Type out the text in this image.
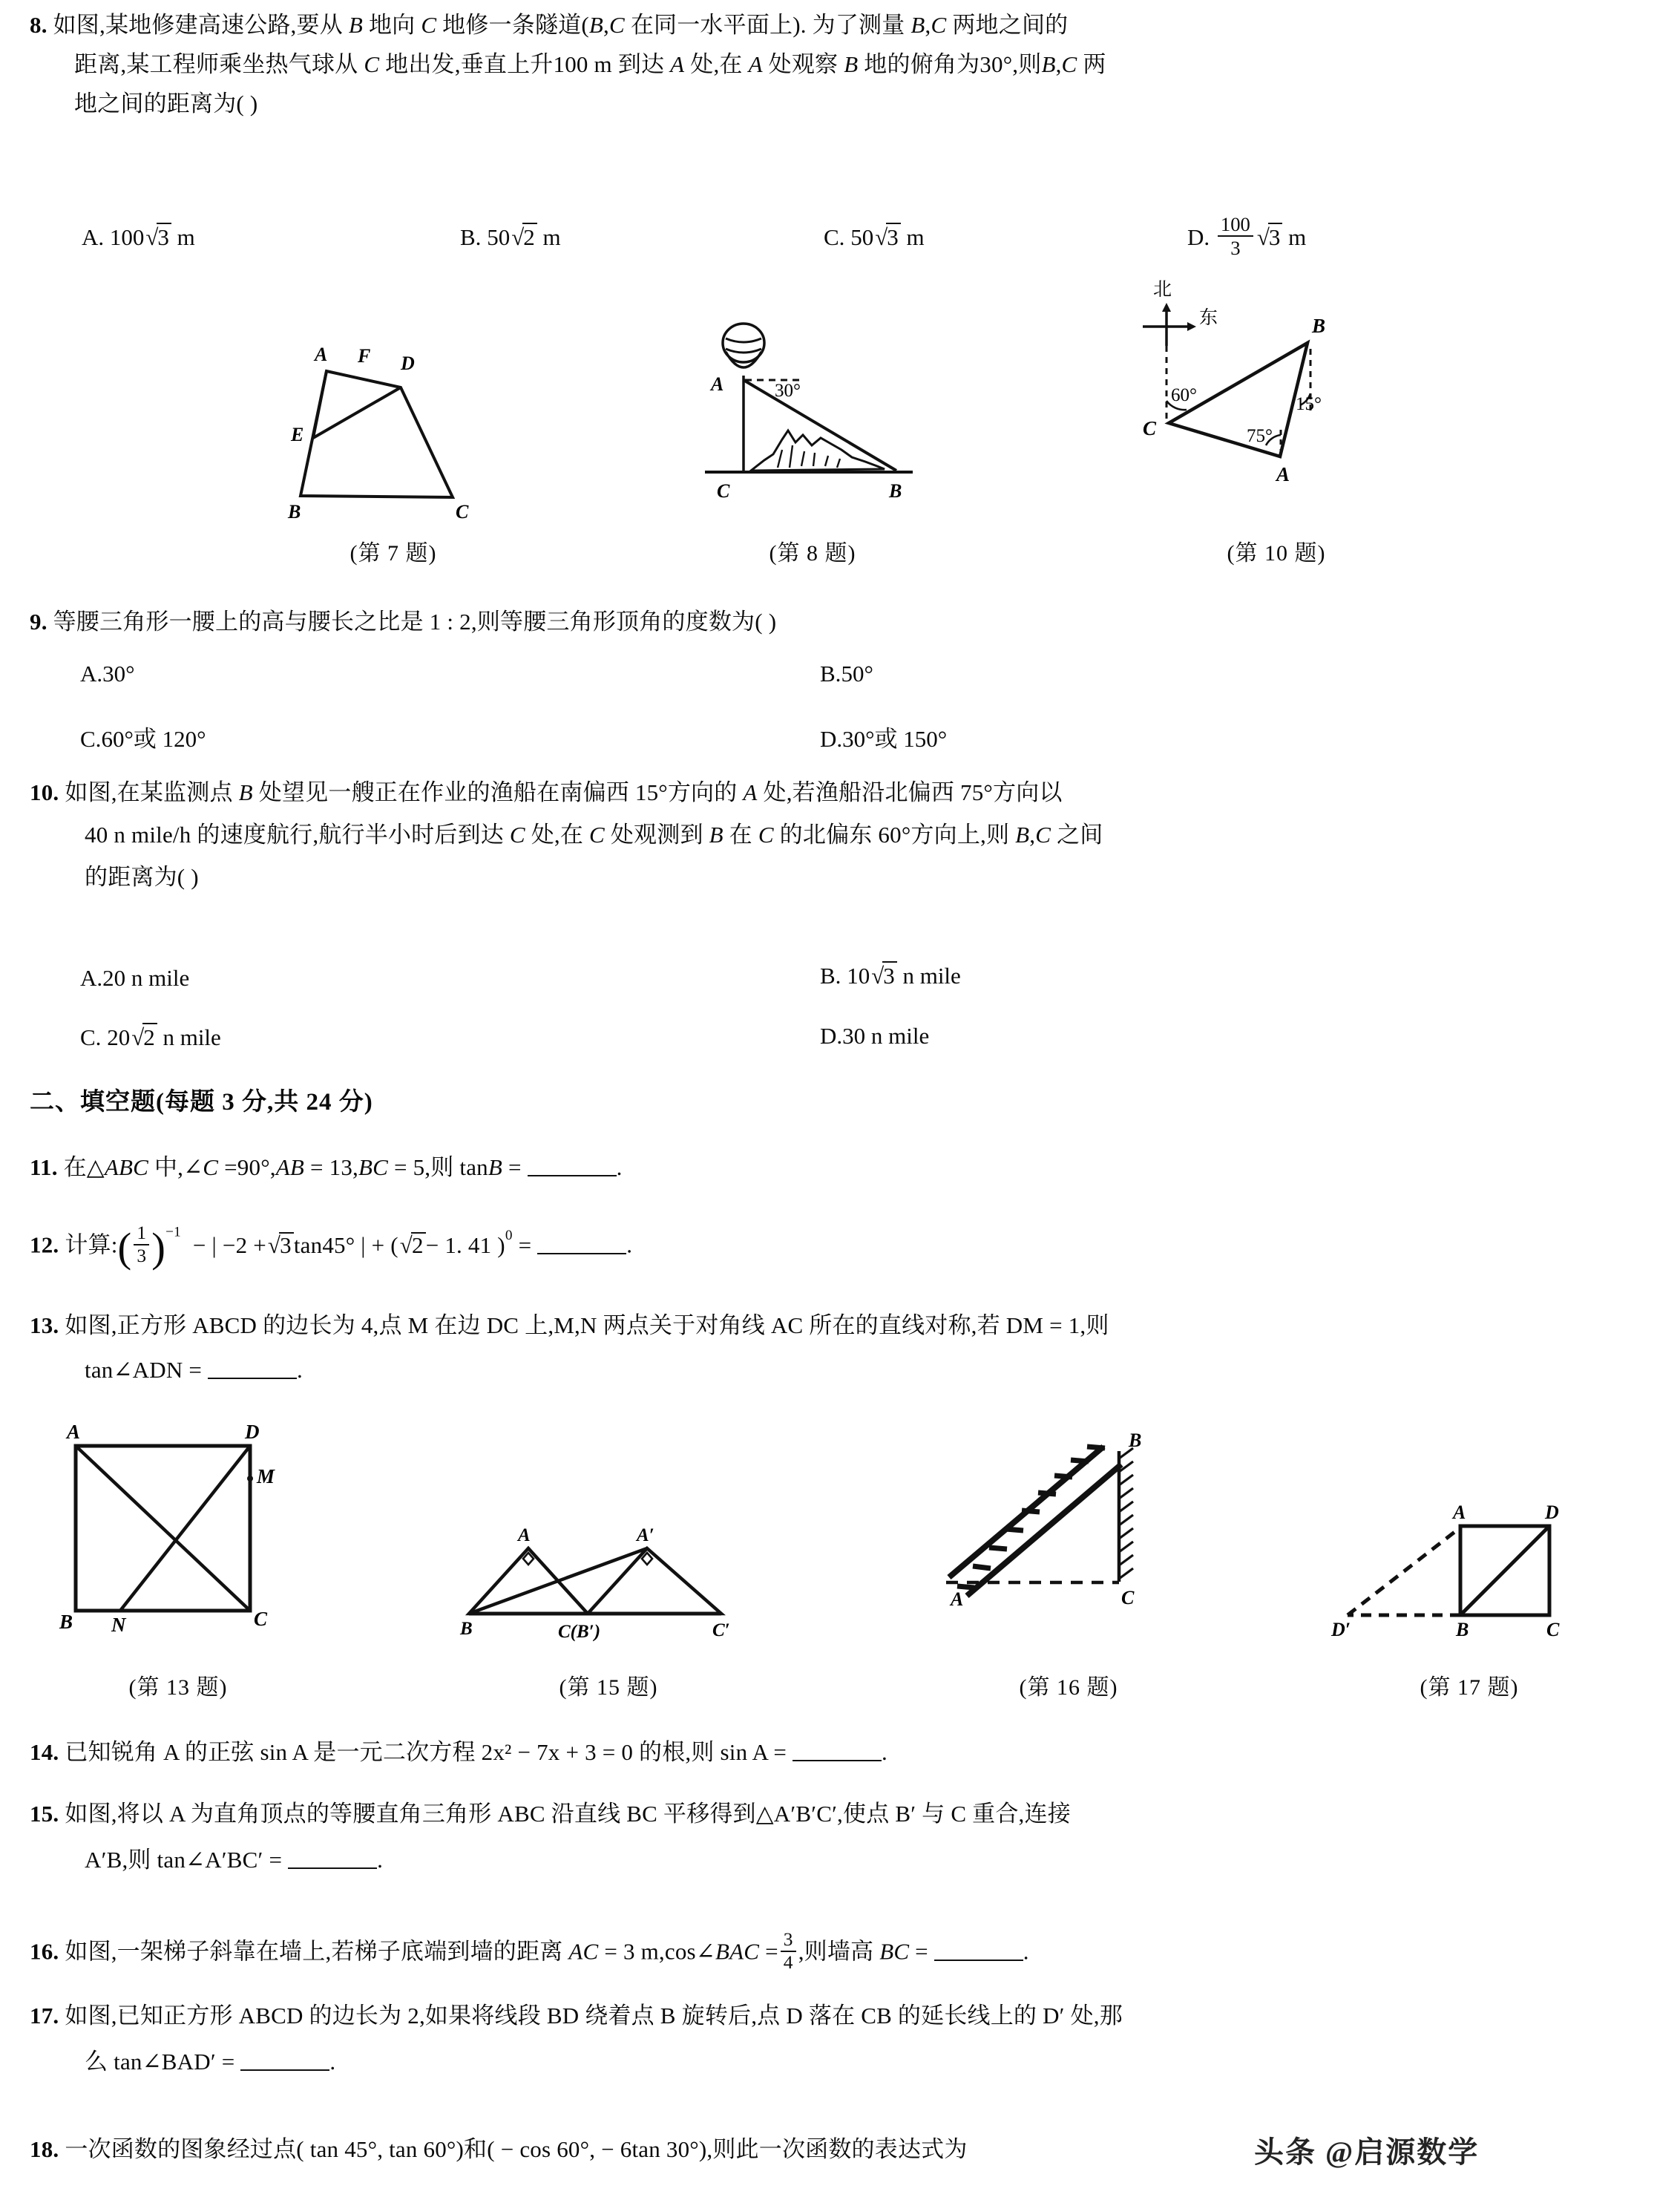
8. 如图,某地修建高速公路,要从 B 地向 C 地修一条隧道(B,C 在同一水平面上). 为了测量 B,C 两地之间的
距离,某工程师乘坐热气球从 C 地出发,垂直上升100 m 到达 A 处,在 A 处观察 B 地的俯角为30°,则B,C 两
地之间的距离为( )
A. 100√3 m	B. 50√2 m	C. 50√3 m	D. $\frac{100}{3} √3$ m
A F D
E
B	C
(第 7 题)
A
C	B
30°
(第 8 题)
北
东
60°	15°
75°
C
B
A
(第 10 题)
9. 等腰三角形一腰上的高与腰长之比是 1 : 2,则等腰三角形顶角的度数为( )
A.30°	B.50°
C.60°或 120°	D.30°或 150°
10. 如图,在某监测点 B 处望见一艘正在作业的渔船在南偏西 15°方向的 A 处,若渔船沿北偏西 75°方向以
40 n mile/h 的速度航行,航行半小时后到达 C 处,在 C 处观测到 B 在 C 的北偏东 60°方向上,则 B,C 之间
的距离为( )
A.20 n mile	B. 10√3 n mile
C. 20√2 n mile	D.30 n mile
二、填空题(每题 3 分,共 24 分)
11. 在△ABC 中,∠C =90°,AB = 13,BC = 5,则 tanB =	.
12. 计算:( $\frac{1}{3} )^{-1}$  − | −2 +√3tan45° | + (√2− 1. 41 )$^0$ =	.
13. 如图,正方形 ABCD 的边长为 4,点 M 在边 DC 上,M,N 两点关于对角线 AC 所在的直线对称,若 DM = 1,则
tan∠ADN =	.
A	D
M
B N	C
(第 13 题)
A	A′
B	C(B′)	C′
(第 15 题)
B
A	C
(第 16 题)
A	D
D′	B	C
(第 17 题)
14. 已知锐角 A 的正弦 sin A 是一元二次方程 2x² − 7x + 3 = 0 的根,则 sin A =	.
15. 如图,将以 A 为直角顶点的等腰直角三角形 ABC 沿直线 BC 平移得到△A′B′C′,使点 B′ 与 C 重合,连接
A′B,则 tan∠A′BC′ =	.
16. 如图,一架梯子斜靠在墙上,若梯子底端到墙的距离 AC = 3 m,cos∠BAC = $\frac{3}{4}$ ,则墙高 BC =	.
17. 如图,已知正方形 ABCD 的边长为 2,如果将线段 BD 绕着点 B 旋转后,点 D 落在 CB 的延长线上的 D′ 处,那
么 tan∠BAD′ =	.
18. 一次函数的图象经过点( tan 45°, tan 60°)和( − cos 60°, − 6tan 30°),则此一次函数的表达式为	头条 @启源数学
